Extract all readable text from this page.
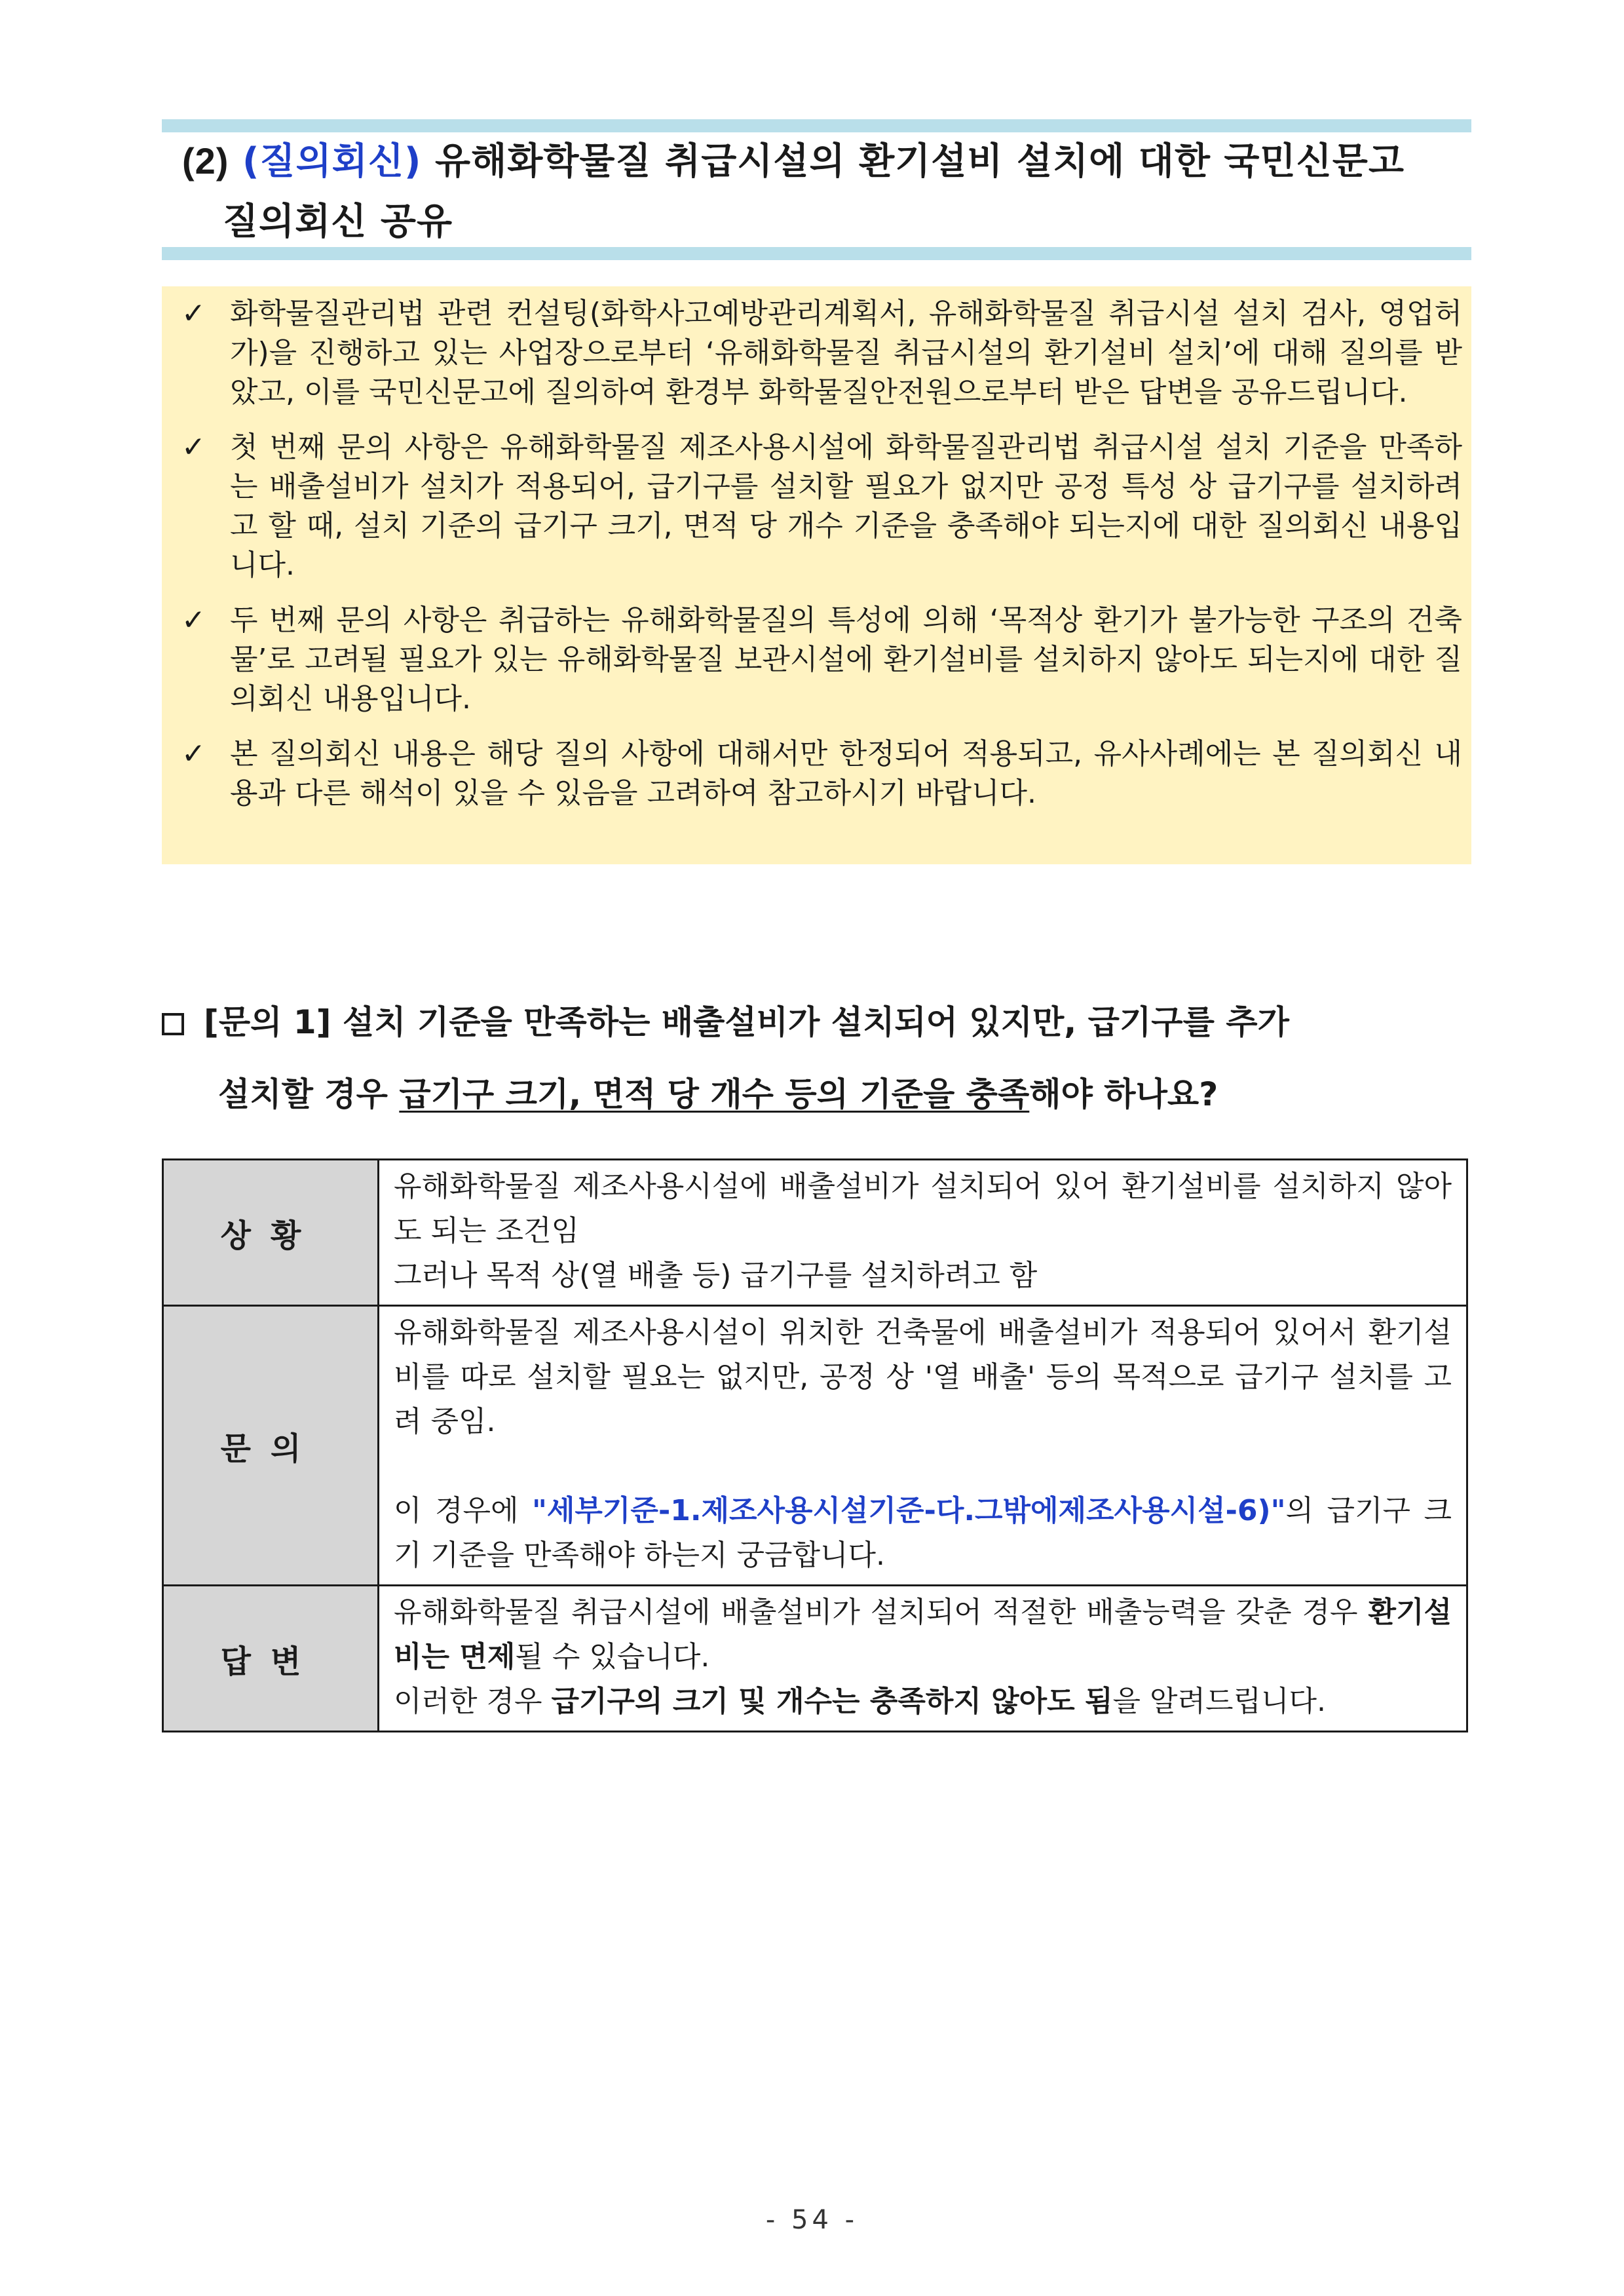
(2) (질의회신) 유해화학물질 취급시설의 환기설비 설치에 대한 국민신문고
질의회신 공유
✓ 화학물질관리법 관련 컨설팅(화학사고예방관리계획서, 유해화학물질 취급시설 설치 검사, 영업허가)을 진행하고 있는 사업장으로부터 ‘유해화학물질 취급시설의 환기설비 설치’에 대해 질의를 받았고, 이를 국민신문고에 질의하여 환경부 화학물질안전원으로부터 받은 답변을 공유드립니다.
✓ 첫 번째 문의 사항은 유해화학물질 제조사용시설에 화학물질관리법 취급시설 설치 기준을 만족하는 배출설비가 설치가 적용되어, 급기구를 설치할 필요가 없지만 공정 특성 상 급기구를 설치하려고 할 때, 설치 기준의 급기구 크기, 면적 당 개수 기준을 충족해야 되는지에 대한 질의회신 내용입니다.
✓ 두 번째 문의 사항은 취급하는 유해화학물질의 특성에 의해 ‘목적상 환기가 불가능한 구조의 건축물’로 고려될 필요가 있는 유해화학물질 보관시설에 환기설비를 설치하지 않아도 되는지에 대한 질의회신 내용입니다.
✓ 본 질의회신 내용은 해당 질의 사항에 대해서만 한정되어 적용되고, 유사사례에는 본 질의회신 내용과 다른 해석이 있을 수 있음을 고려하여 참고하시기 바랍니다.
[문의 1] 설치 기준을 만족하는 배출설비가 설치되어 있지만, 급기구를 추가
설치할 경우 급기구 크기, 면적 당 개수 등의 기준을 충족해야 하나요?
상황	유해화학물질 제조사용시설에 배출설비가 설치되어 있어 환기설비를 설치하지 않아도 되는 조건임

그러나 목적 상(열 배출 등) 급기구를 설치하려고 함

문의	유해화학물질 제조사용시설이 위치한 건축물에 배출설비가 적용되어 있어서 환기설비를 따로 설치할 필요는 없지만, 공정 상 '열 배출' 등의 목적으로 급기구 설치를 고려 중임.

이 경우에 "세부기준-1.제조사용시설기준-다.그밖에제조사용시설-6)"의 급기구 크기 기준을 만족해야 하는지 궁금합니다.

답변	유해화학물질 취급시설에 배출설비가 설치되어 적절한 배출능력을 갖춘 경우 환기설비는 면제될 수 있습니다.

이러한 경우 급기구의 크기 및 개수는 충족하지 않아도 됨을 알려드립니다.

- 54 -
